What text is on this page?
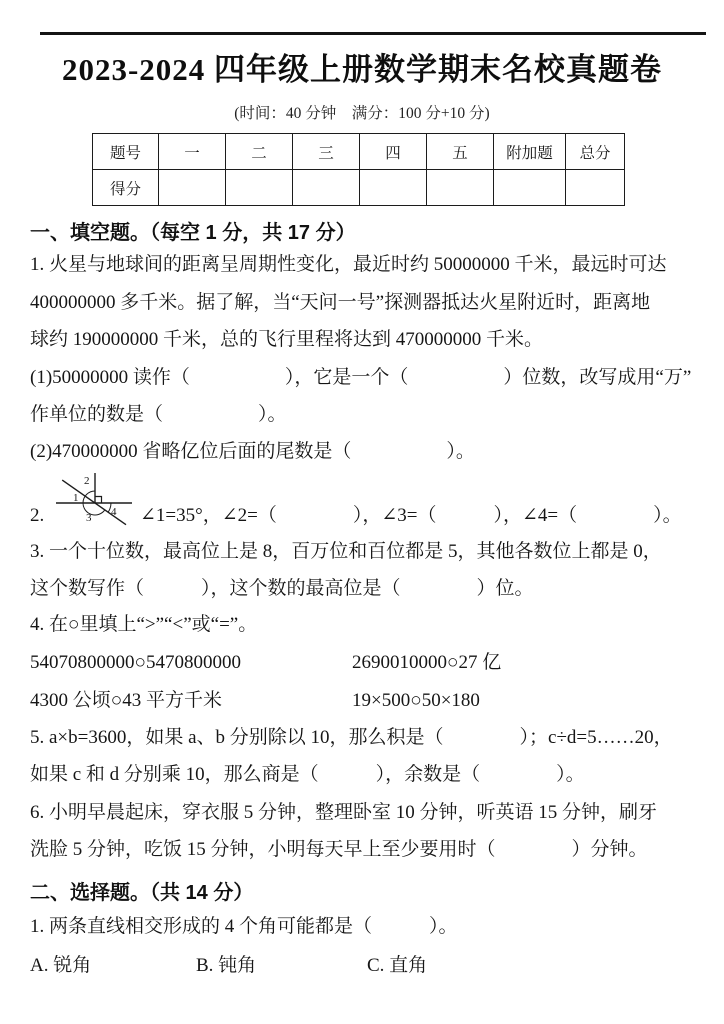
2023-2024 四年级上册数学期末名校真题卷
(时间：40 分钟　满分：100 分+10 分)
题号	一	二	三	四	五	附加题	总分
得分							
一、填空题。（每空 1 分，共 17 分）
1. 火星与地球间的距离呈周期性变化，最近时约 50000000 千米，最远时可达
400000000 多千米。据了解，当“天问一号”探测器抵达火星附近时，距离地
球约 190000000 千米，总的飞行里程将达到 470000000 千米。
(1)50000000 读作（　　　　　），它是一个（　　　　　）位数，改写成用“万”
作单位的数是（　　　　　）。
(2)470000000 省略亿位后面的尾数是（　　　　　）。
2.
1
2
3 4 ∠1=35°，∠2=（　　　　），∠3=（　　　），∠4=（　　　　）。
3. 一个十位数，最高位上是 8，百万位和百位都是 5，其他各数位上都是 0，
这个数写作（　　　），这个数的最高位是（　　　　）位。
4. 在○里填上“>”“<”或“=”。
54070800000○5470800000	2690010000○27 亿
4300 公顷○43 平方千米	19×500○50×180
5. a×b=3600，如果 a、b 分别除以 10，那么积是（　　　　）；c÷d=5……20，
如果 c 和 d 分别乘 10，那么商是（　　　），余数是（　　　　）。
6. 小明早晨起床，穿衣服 5 分钟，整理卧室 10 分钟，听英语 15 分钟，刷牙
洗脸 5 分钟，吃饭 15 分钟，小明每天早上至少要用时（　　　　）分钟。
二、选择题。（共 14 分）
1. 两条直线相交形成的 4 个角可能都是（　　　）。
A. 锐角	B. 钝角	C. 直角
